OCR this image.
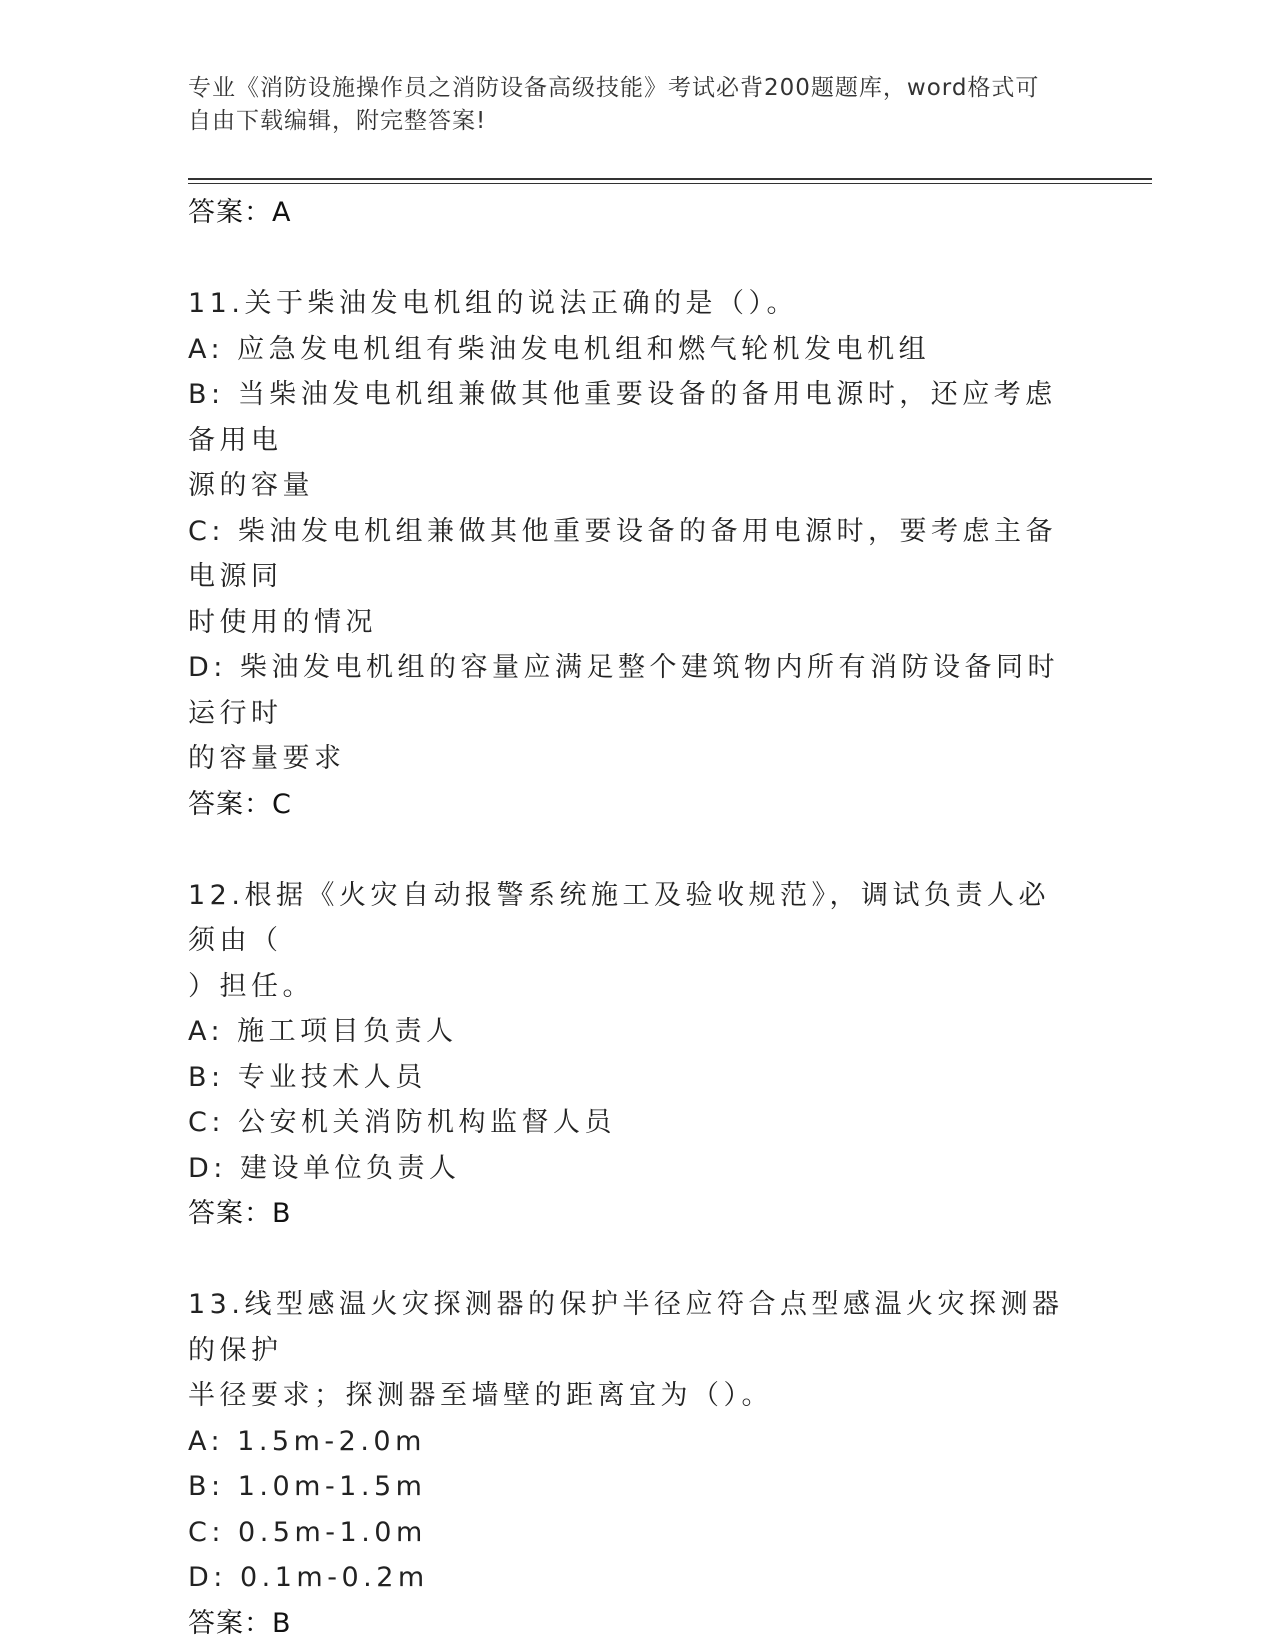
专业《消防设施操作员之消防设备高级技能》考试必背200题题库，word格式可
自由下载编辑，附完整答案!

答案：A

11.关于柴油发电机组的说法正确的是（）。

A: 应急发电机组有柴油发电机组和燃气轮机发电机组

B: 当柴油发电机组兼做其他重要设备的备用电源时，还应考虑备用电

源的容量

C: 柴油发电机组兼做其他重要设备的备用电源时，要考虑主备电源同

时使用的情况

D: 柴油发电机组的容量应满足整个建筑物内所有消防设备同时运行时

的容量要求

答案：C

12.根据《火灾自动报警系统施工及验收规范》，调试负责人必须由（

）担任。

A: 施工项目负责人

B: 专业技术人员

C: 公安机关消防机构监督人员

D: 建设单位负责人

答案：B

13.线型感温火灾探测器的保护半径应符合点型感温火灾探测器的保护

半径要求；探测器至墙壁的距离宜为（）。

A: 1.5m-2.0m

B: 1.0m-1.5m

C: 0.5m-1.0m

D: 0.1m-0.2m

答案：B
